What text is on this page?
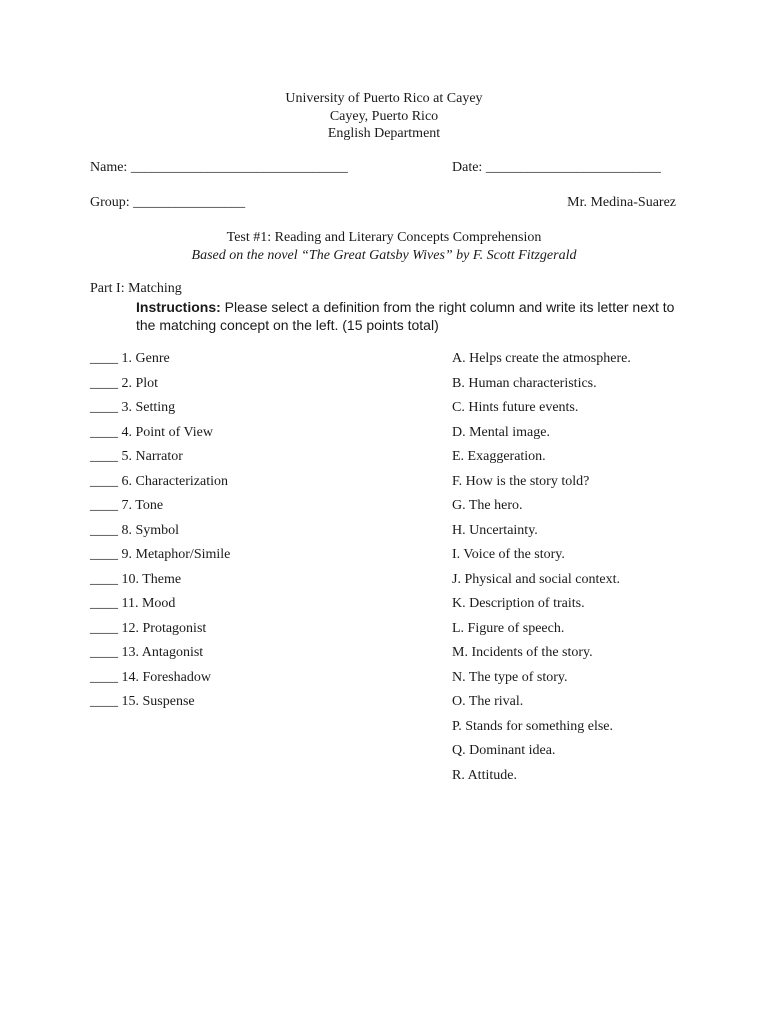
University of Puerto Rico at Cayey
Cayey, Puerto Rico
English Department
Name: _______________________________	Date: _________________________
Group: ________________	Mr. Medina-Suarez
Test #1: Reading and Literary Concepts Comprehension
Based on the novel “The Great Gatsby Wives” by F. Scott Fitzgerald
Part I: Matching
Instructions: Please select a definition from the right column and write its letter next to the matching concept on the left. (15 points total)
____ 1. Genre
____ 2. Plot
____ 3. Setting
____ 4. Point of View
____ 5. Narrator
____ 6. Characterization
____ 7. Tone
____ 8. Symbol
____ 9. Metaphor/Simile
____ 10. Theme
____ 11. Mood
____ 12. Protagonist
____ 13. Antagonist
____ 14. Foreshadow
____ 15. Suspense
A. Helps create the atmosphere.
B. Human characteristics.
C. Hints future events.
D. Mental image.
E. Exaggeration.
F. How is the story told?
G. The hero.
H. Uncertainty.
I. Voice of the story.
J. Physical and social context.
K. Description of traits.
L. Figure of speech.
M. Incidents of the story.
N. The type of story.
O. The rival.
P. Stands for something else.
Q. Dominant idea.
R. Attitude.
